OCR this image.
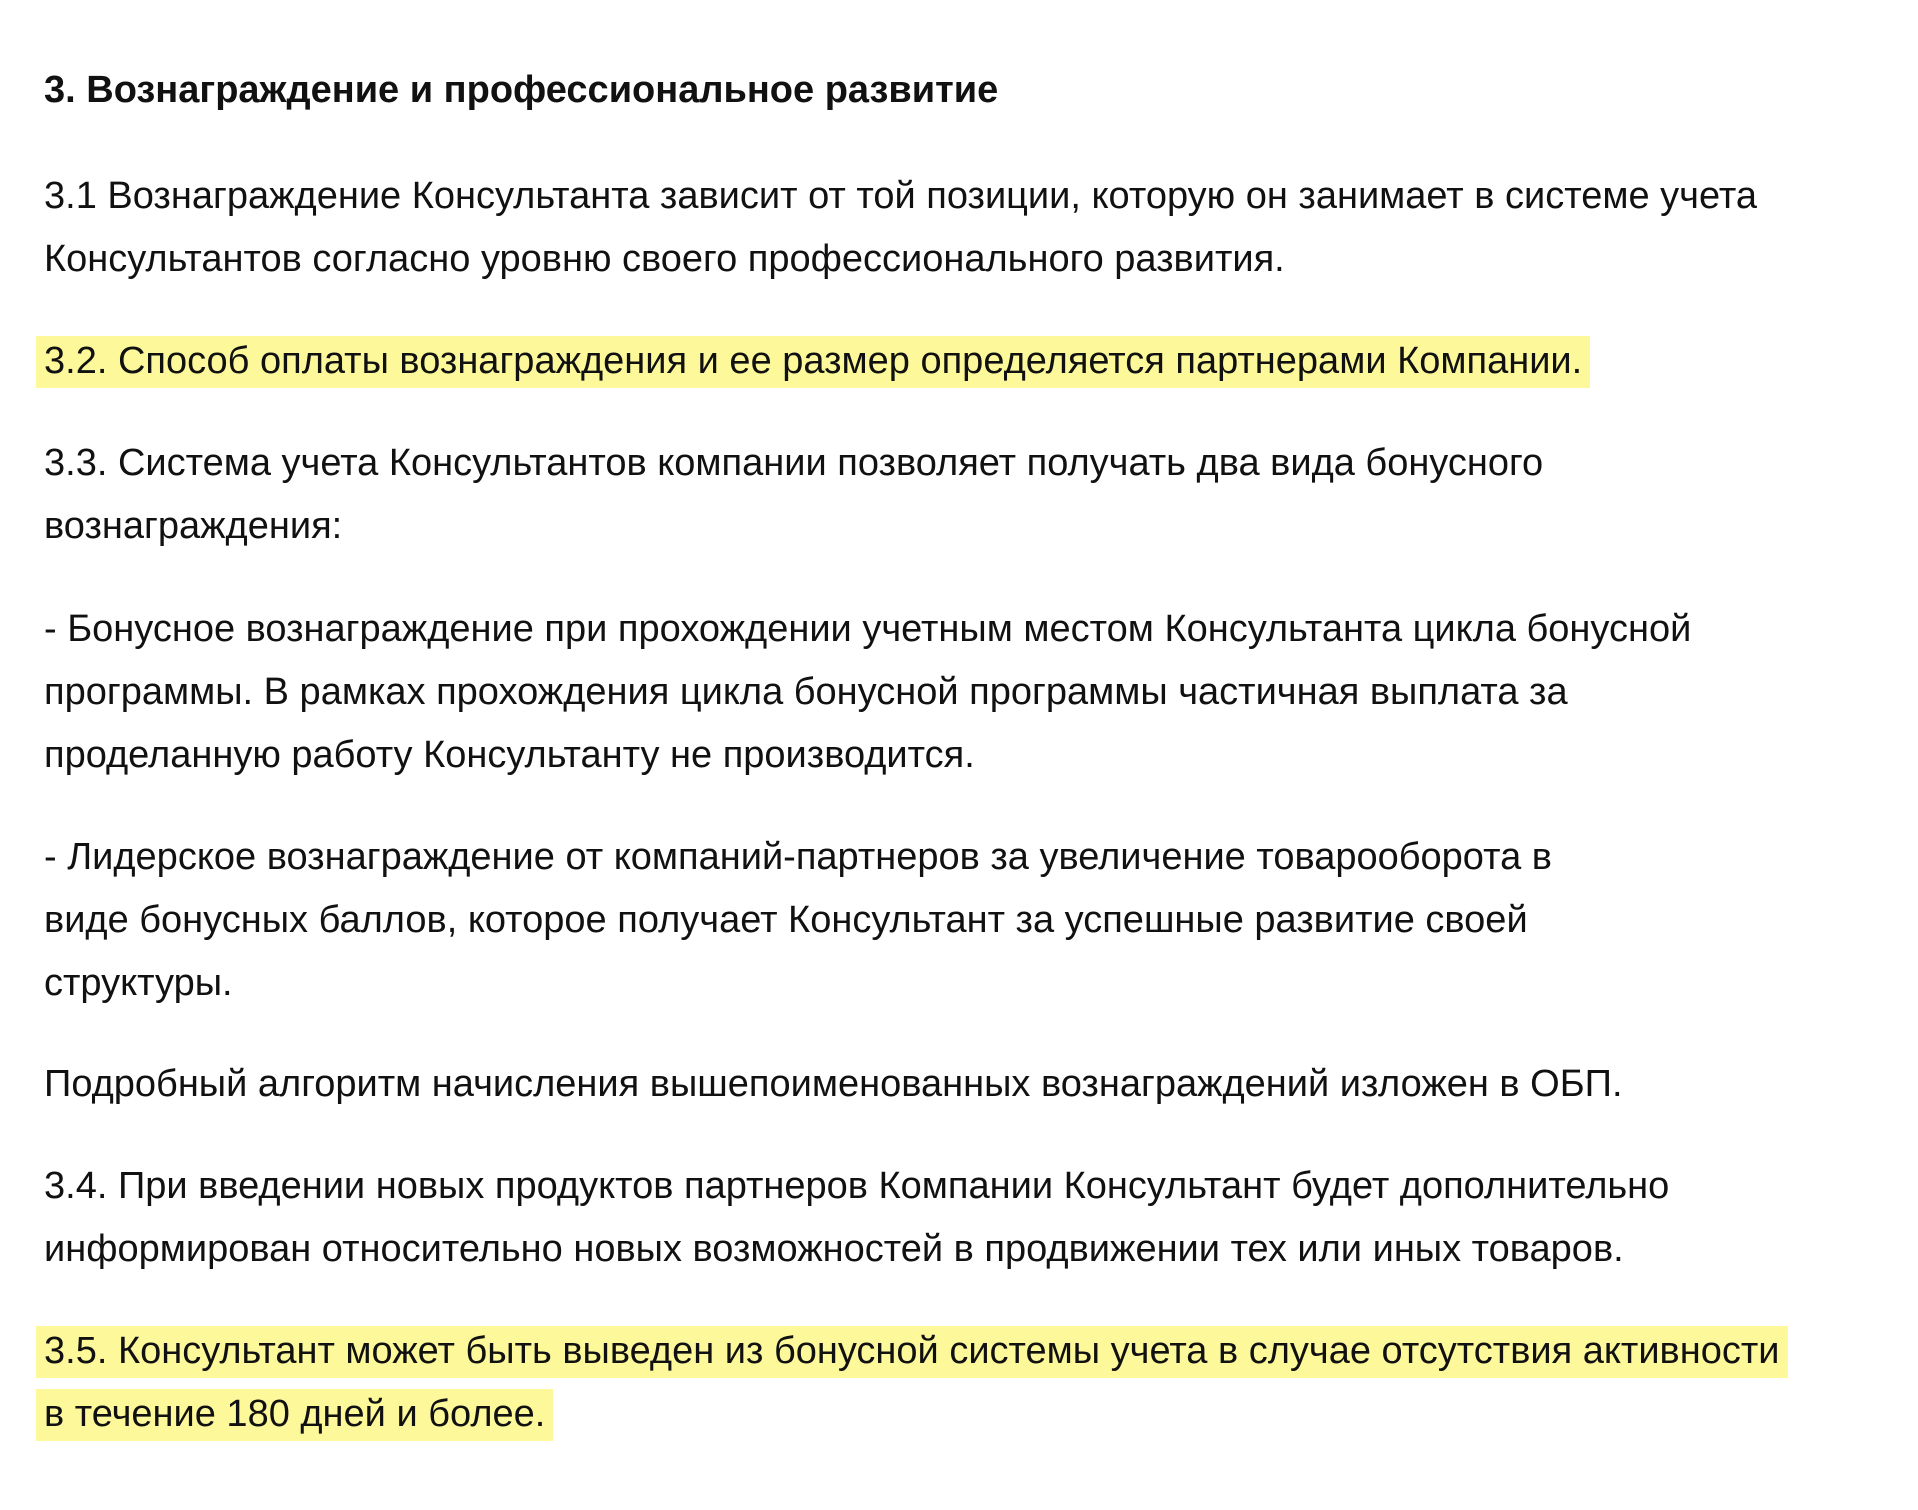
3. Вознаграждение и профессиональное развитие
3.1 Вознаграждение Консультанта зависит от той позиции, которую он занимает в системе учета
Консультантов согласно уровню своего профессионального развития.
3.2. Способ оплаты вознаграждения и ее размер определяется партнерами Компании.
3.3. Система учета Консультантов компании позволяет получать два вида бонусного
вознаграждения:
- Бонусное вознаграждение при прохождении учетным местом Консультанта цикла бонусной
программы. В рамках прохождения цикла бонусной программы частичная выплата за
проделанную работу Консультанту не производится.
- Лидерское вознаграждение от компаний-партнеров за увеличение товарооборота в
виде бонусных баллов, которое получает Консультант за успешные развитие своей
структуры.
Подробный алгоритм начисления вышепоименованных вознаграждений изложен в ОБП.
3.4. При введении новых продуктов партнеров Компании Консультант будет дополнительно
информирован относительно новых возможностей в продвижении тех или иных товаров.
3.5. Консультант может быть выведен из бонусной системы учета в случае отсутствия активности
в течение 180 дней и более.
